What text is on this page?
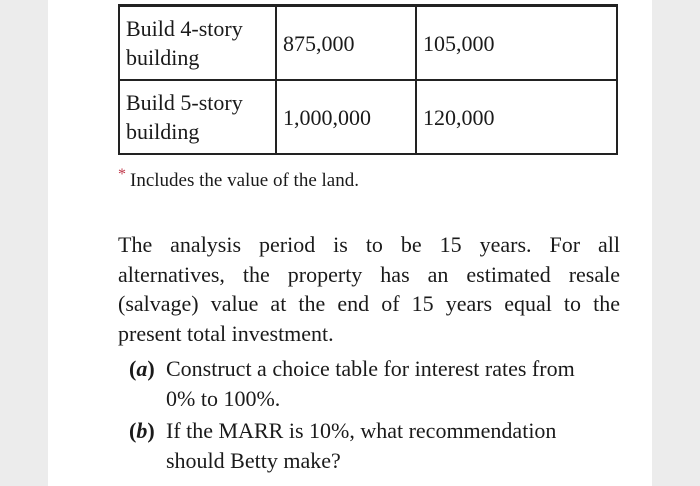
Build 4-story building	875,000	105,000
Build 5-story building	1,000,000	120,000
* Includes the value of the land.

The analysis period is to be 15 years. For all alternatives, the property has an estimated resale (salvage) value at the end of 15 years equal to the present total investment.

(a) Construct a choice table for interest rates from 0% to 100%.
(b) If the MARR is 10%, what recommendation should Betty make?
